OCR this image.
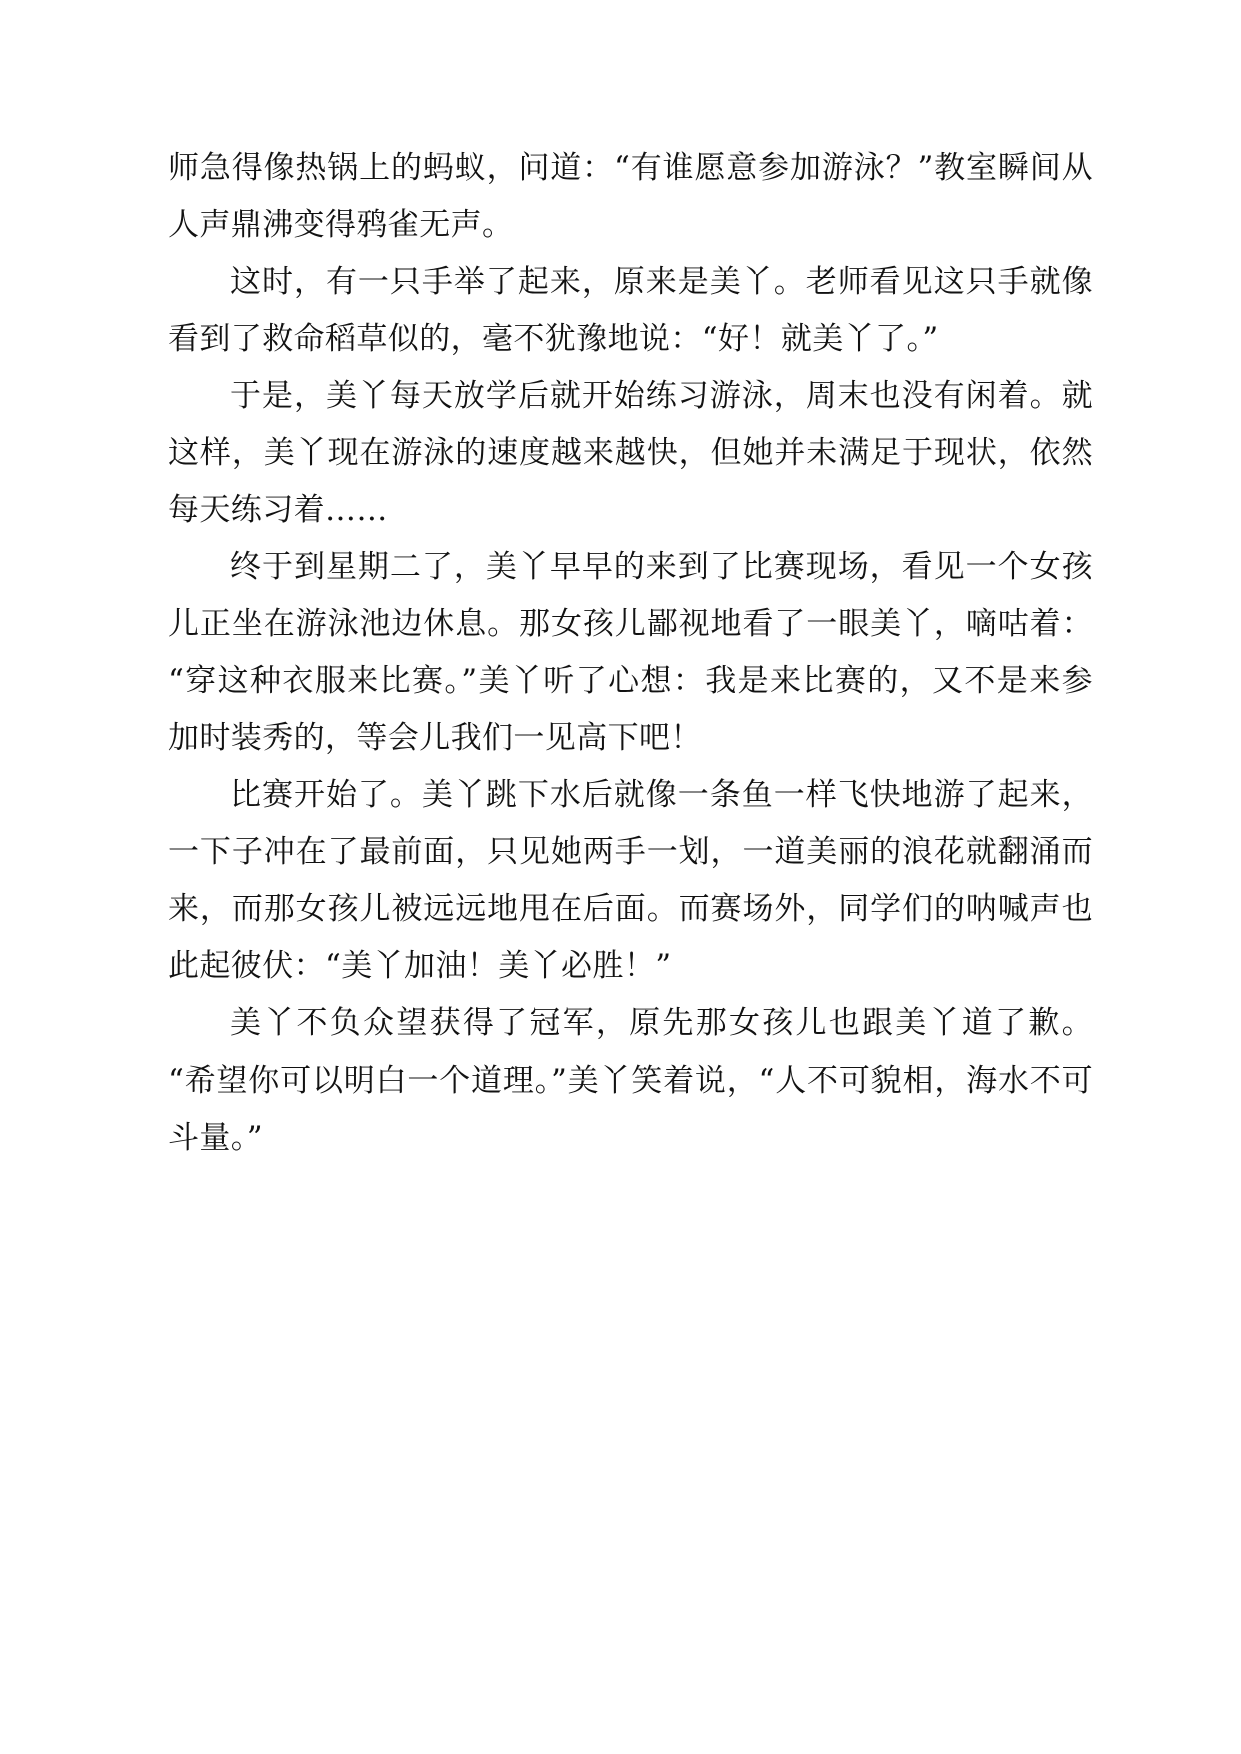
师急得像热锅上的蚂蚁，问道：“有谁愿意参加游泳？”教室瞬间从人声鼎沸变得鸦雀无声。

这时，有一只手举了起来，原来是美丫。老师看见这只手就像看到了救命稻草似的，毫不犹豫地说：“好！就美丫了。”

于是，美丫每天放学后就开始练习游泳，周末也没有闲着。就这样，美丫现在游泳的速度越来越快，但她并未满足于现状，依然每天练习着……

终于到星期二了，美丫早早的来到了比赛现场，看见一个女孩儿正坐在游泳池边休息。那女孩儿鄙视地看了一眼美丫，嘀咕着：“穿这种衣服来比赛。”美丫听了心想：我是来比赛的，又不是来参加时装秀的，等会儿我们一见高下吧！

比赛开始了。美丫跳下水后就像一条鱼一样飞快地游了起来，一下子冲在了最前面，只见她两手一划，一道美丽的浪花就翻涌而来，而那女孩儿被远远地甩在后面。而赛场外，同学们的呐喊声也此起彼伏：“美丫加油！美丫必胜！”

美丫不负众望获得了冠军，原先那女孩儿也跟美丫道了歉。“希望你可以明白一个道理。”美丫笑着说，“人不可貌相，海水不可斗量。”
